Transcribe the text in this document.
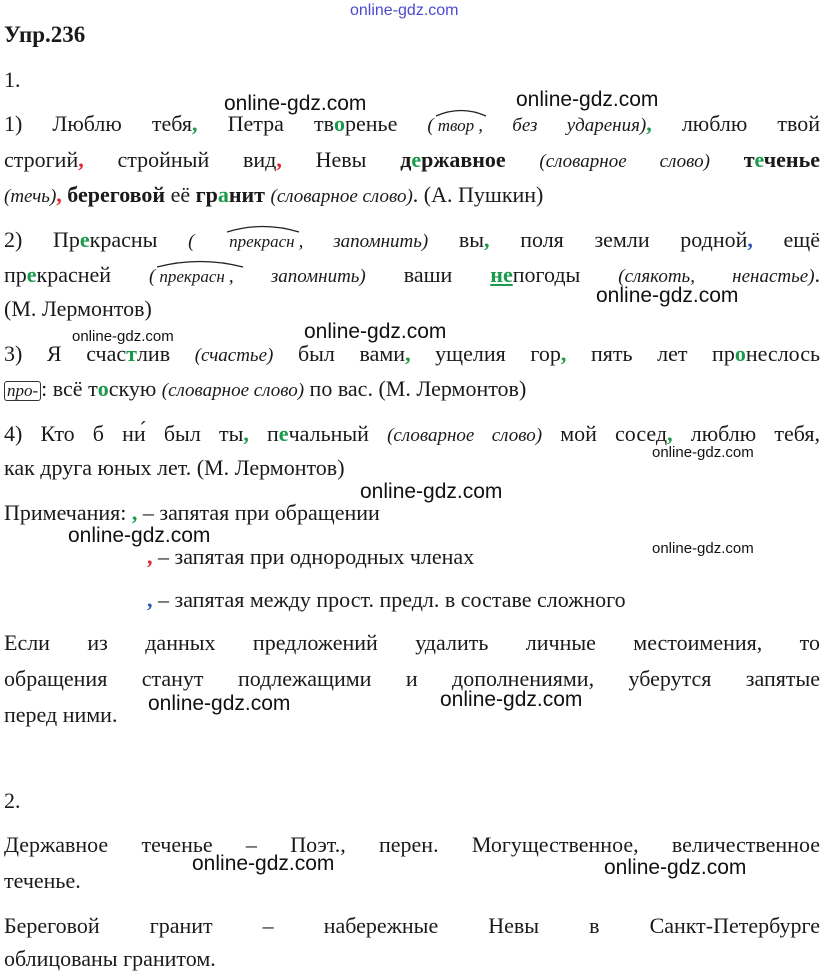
online-gdz.com
online-gdz.com	online-gdz.com
online-gdz.com
online-gdz.com	online-gdz.com
online-gdz.com
online-gdz.com
online-gdz.com
online-gdz.com
online-gdz.com	online-gdz.com
online-gdz.com	online-gdz.com
Упр.236
1.
1) Люблю тебя, Петра творенье ( твор , без ударения), люблю твой
строгий, стройный вид, Невы державное (словарное слово) теченье
(течь), береговой её гранит (словарное слово). (А. Пушкин)
2) Прекрасны ( прекрасн , запомнить) вы, поля земли родной, ещё
прекрасней ( прекрасн , запомнить) ваши непогоды (слякоть, ненастье).
(М. Лермонтов)
3) Я счастлив (счастье) был вами, ущелия гор, пять лет пронеслось
про- : всё тоскую (словарное слово) по вас. (М. Лермонтов)
4) Кто б ни́ был ты, печальный (словарное слово) мой сосед, люблю тебя,
как друга юных лет. (М. Лермонтов)
Примечания: , – запятая при обращении
, – запятая при однородных членах
, – запятая между прост. предл. в составе сложного
Если из данных предложений удалить личные местоимения, то
обращения станут подлежащими и дополнениями, уберутся запятые
перед ними.
2.
Державное теченье – Поэт., перен. Могущественное, величественное
теченье.
Береговой гранит – набережные Невы в Санкт-Петербурге
облицованы гранитом.
